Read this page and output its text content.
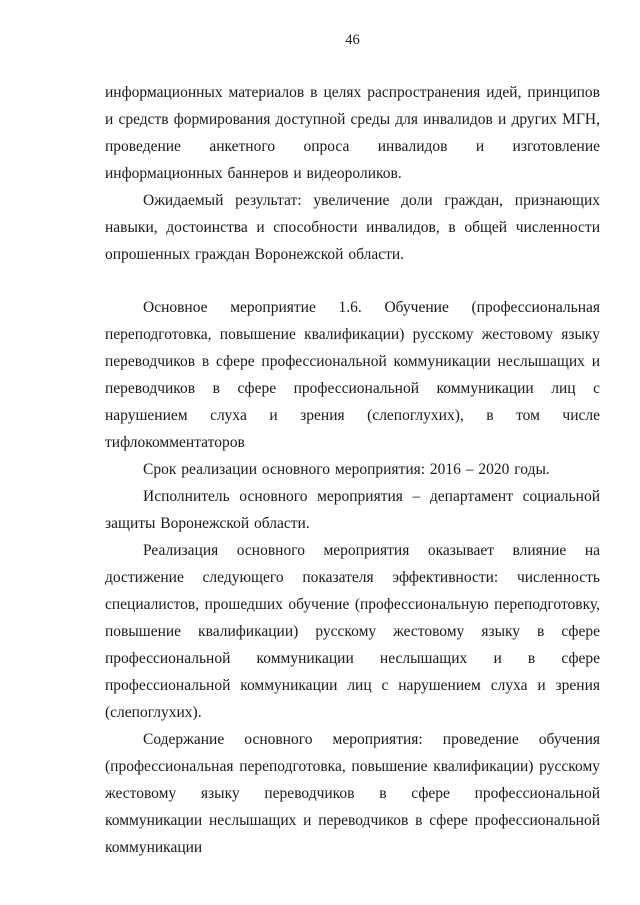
46

информационных материалов в целях распространения идей, принципов и средств формирования доступной среды для инвалидов и других МГН, проведение анкетного опроса инвалидов и изготовление информационных баннеров и видеороликов.

Ожидаемый результат: увеличение доли граждан, признающих навыки, достоинства и способности инвалидов, в общей численности опрошенных граждан Воронежской области.

Основное мероприятие 1.6. Обучение (профессиональная переподготовка, повышение квалификации) русскому жестовому языку переводчиков в сфере профессиональной коммуникации неслышащих и переводчиков в сфере профессиональной коммуникации лиц с нарушением слуха и зрения (слепоглухих), в том числе тифлокомментаторов

Срок реализации основного мероприятия: 2016 – 2020 годы.

Исполнитель основного мероприятия – департамент социальной защиты Воронежской области.

Реализация основного мероприятия оказывает влияние на достижение следующего показателя эффективности: численность специалистов, прошедших обучение (профессиональную переподготовку, повышение квалификации) русскому жестовому языку в сфере профессиональной коммуникации неслышащих и в сфере профессиональной коммуникации лиц с нарушением слуха и зрения (слепоглухих).

Содержание основного мероприятия: проведение обучения (профессиональная переподготовка, повышение квалификации) русскому жестовому языку переводчиков в сфере профессиональной коммуникации неслышащих и переводчиков в сфере профессиональной коммуникации
